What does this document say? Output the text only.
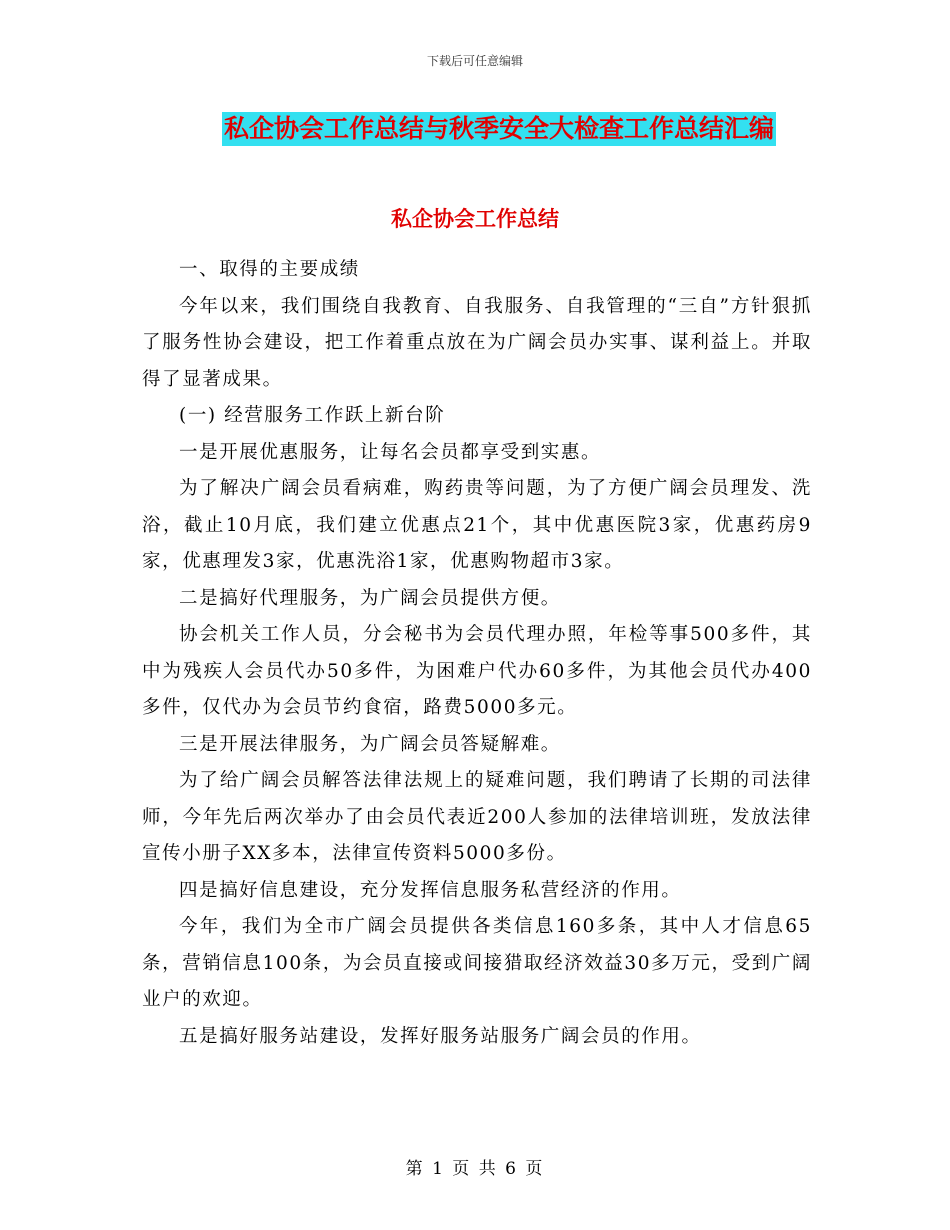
下载后可任意编辑
私企协会工作总结与秋季安全大检查工作总结汇编
私企协会工作总结

一、取得的主要成绩

今年以来，我们围绕自我教育、自我服务、自我管理的“三自”方针狠抓了服务性协会建设，把工作着重点放在为广阔会员办实事、谋利益上。并取得了显著成果。

(一) 经营服务工作跃上新台阶

一是开展优惠服务，让每名会员都享受到实惠。

为了解决广阔会员看病难，购药贵等问题，为了方便广阔会员理发、洗浴，截止10月底，我们建立优惠点21个，其中优惠医院3家，优惠药房9家，优惠理发3家，优惠洗浴1家，优惠购物超市3家。

二是搞好代理服务，为广阔会员提供方便。

协会机关工作人员，分会秘书为会员代理办照，年检等事500多件，其中为残疾人会员代办50多件，为困难户代办60多件，为其他会员代办400多件，仅代办为会员节约食宿，路费5000多元。

三是开展法律服务，为广阔会员答疑解难。

为了给广阔会员解答法律法规上的疑难问题，我们聘请了长期的司法律师，今年先后两次举办了由会员代表近200人参加的法律培训班，发放法律宣传小册子XX多本，法律宣传资料5000多份。

四是搞好信息建设，充分发挥信息服务私营经济的作用。

今年，我们为全市广阔会员提供各类信息160多条，其中人才信息65条，营销信息100条，为会员直接或间接猎取经济效益30多万元，受到广阔业户的欢迎。

五是搞好服务站建设，发挥好服务站服务广阔会员的作用。

第 1 页 共 6 页
